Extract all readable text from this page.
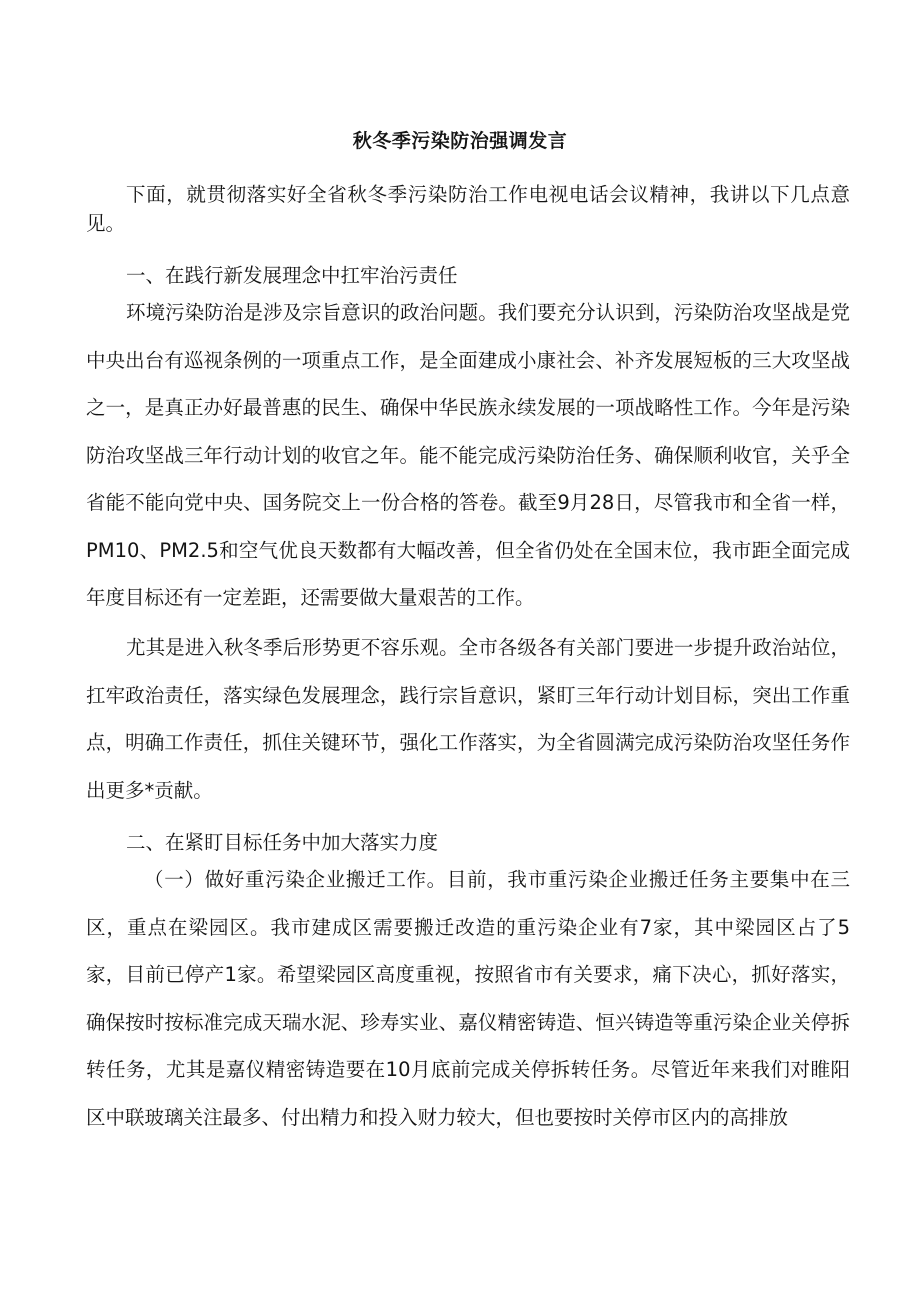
秋冬季污染防治强调发言

下面，就贯彻落实好全省秋冬季污染防治工作电视电话会议精神，我讲以下几点意见。

一、在践行新发展理念中扛牢治污责任

环境污染防治是涉及宗旨意识的政治问题。我们要充分认识到，污染防治攻坚战是党中央出台有巡视条例的一项重点工作，是全面建成小康社会、补齐发展短板的三大攻坚战之一，是真正办好最普惠的民生、确保中华民族永续发展的一项战略性工作。今年是污染防治攻坚战三年行动计划的收官之年。能不能完成污染防治任务、确保顺利收官，关乎全省能不能向党中央、国务院交上一份合格的答卷。截至9月28日，尽管我市和全省一样，PM10、PM2.5和空气优良天数都有大幅改善，但全省仍处在全国末位，我市距全面完成年度目标还有一定差距，还需要做大量艰苦的工作。

尤其是进入秋冬季后形势更不容乐观。全市各级各有关部门要进一步提升政治站位，扛牢政治责任，落实绿色发展理念，践行宗旨意识，紧盯三年行动计划目标，突出工作重点，明确工作责任，抓住关键环节，强化工作落实，为全省圆满完成污染防治攻坚任务作出更多*贡献。

二、在紧盯目标任务中加大落实力度

（一）做好重污染企业搬迁工作。目前，我市重污染企业搬迁任务主要集中在三区，重点在梁园区。我市建成区需要搬迁改造的重污染企业有7家，其中梁园区占了5家，目前已停产1家。希望梁园区高度重视，按照省市有关要求，痛下决心，抓好落实，确保按时按标准完成天瑞水泥、珍寿实业、嘉仪精密铸造、恒兴铸造等重污染企业关停拆转任务，尤其是嘉仪精密铸造要在10月底前完成关停拆转任务。尽管近年来我们对睢阳区中联玻璃关注最多、付出精力和投入财力较大，但也要按时关停市区内的高排放
